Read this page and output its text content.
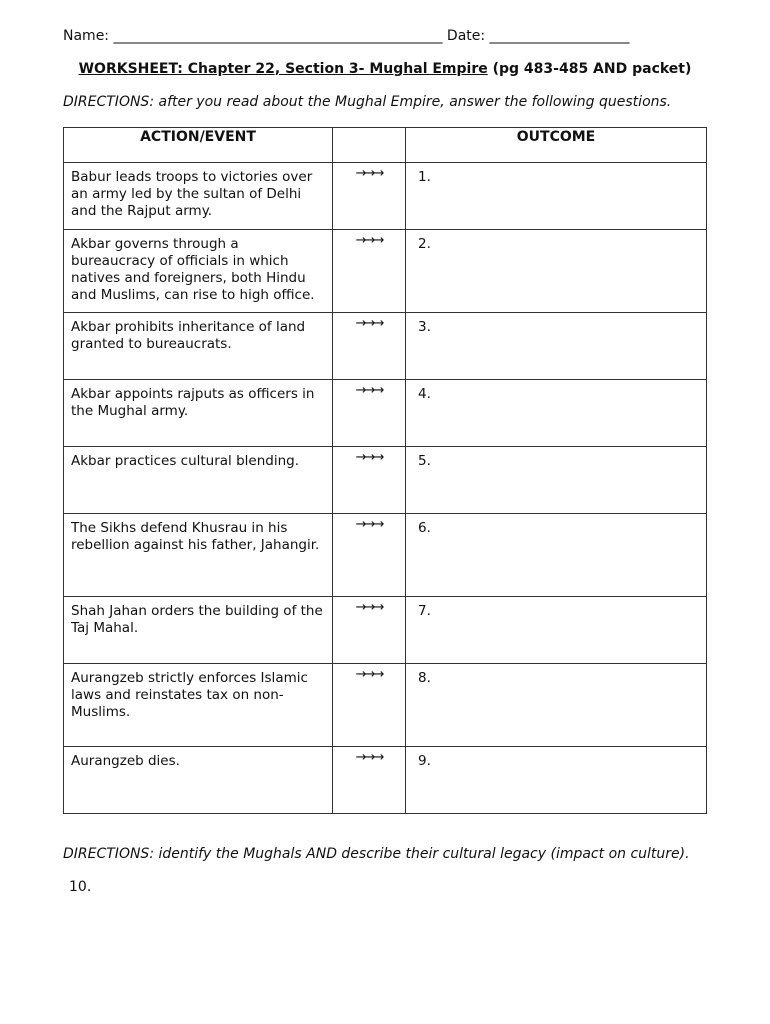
Name: _______________________________________________ Date: ____________________
WORKSHEET: Chapter 22, Section 3- Mughal Empire (pg 483-485 AND packet)
DIRECTIONS: after you read about the Mughal Empire, answer the following questions.
ACTION/EVENT		OUTCOME
Babur leads troops to victories over an army led by the sultan of Delhi and the Rajput army.	→→→	1.
Akbar governs through a bureaucracy of officials in which natives and foreigners, both Hindu and Muslims, can rise to high office.	→→→	2.
Akbar prohibits inheritance of land granted to bureaucrats.	→→→	3.
Akbar appoints rajputs as officers in the Mughal army.	→→→	4.
Akbar practices cultural blending.	→→→	5.
The Sikhs defend Khusrau in his rebellion against his father, Jahangir.	→→→	6.
Shah Jahan orders the building of the Taj Mahal.	→→→	7.
Aurangzeb strictly enforces Islamic laws and reinstates tax on non-Muslims.	→→→	8.
Aurangzeb dies.	→→→	9.
DIRECTIONS: identify the Mughals AND describe their cultural legacy (impact on culture).
10.
